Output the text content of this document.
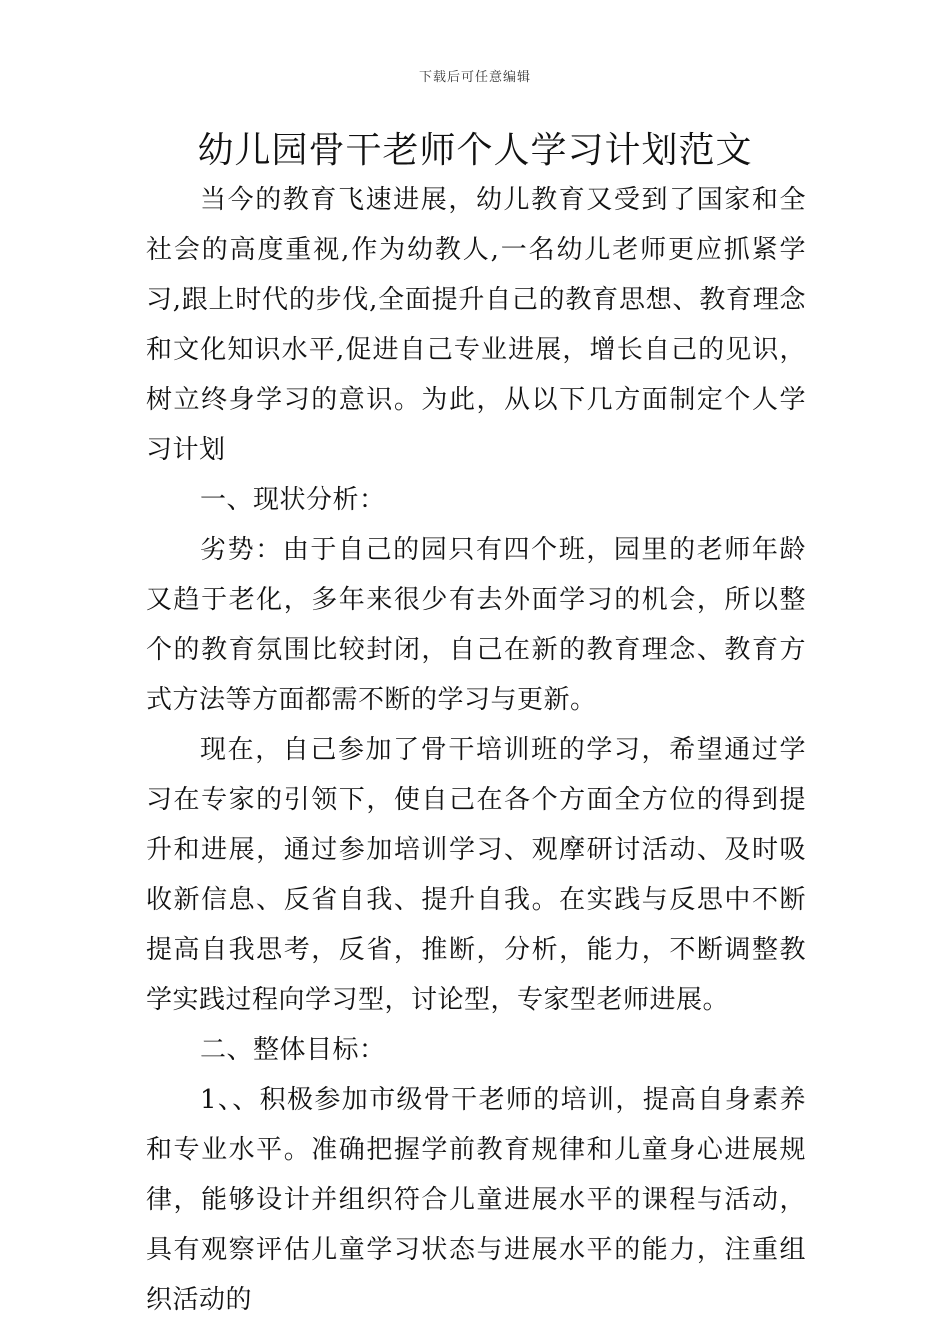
下载后可任意编辑
幼儿园骨干老师个人学习计划范文

当今的教育飞速进展，幼儿教育又受到了国家和全社会的高度重视,作为幼教人,一名幼儿老师更应抓紧学习,跟上时代的步伐,全面提升自己的教育思想、教育理念和文化知识水平,促进自己专业进展，增长自己的见识，树立终身学习的意识。为此，从以下几方面制定个人学习计划

一、现状分析：

劣势：由于自己的园只有四个班，园里的老师年龄又趋于老化，多年来很少有去外面学习的机会，所以整个的教育氛围比较封闭，自己在新的教育理念、教育方式方法等方面都需不断的学习与更新。

现在，自己参加了骨干培训班的学习，希望通过学习在专家的引领下，使自己在各个方面全方位的得到提升和进展，通过参加培训学习、观摩研讨活动、及时吸收新信息、反省自我、提升自我。在实践与反思中不断提高自我思考，反省，推断，分析，能力，不断调整教学实践过程向学习型，讨论型，专家型老师进展。

二、整体目标：

1、、积极参加市级骨干老师的培训，提高自身素养和专业水平。准确把握学前教育规律和儿童身心进展规律，能够设计并组织符合儿童进展水平的课程与活动，具有观察评估儿童学习状态与进展水平的能力，注重组织活动的
